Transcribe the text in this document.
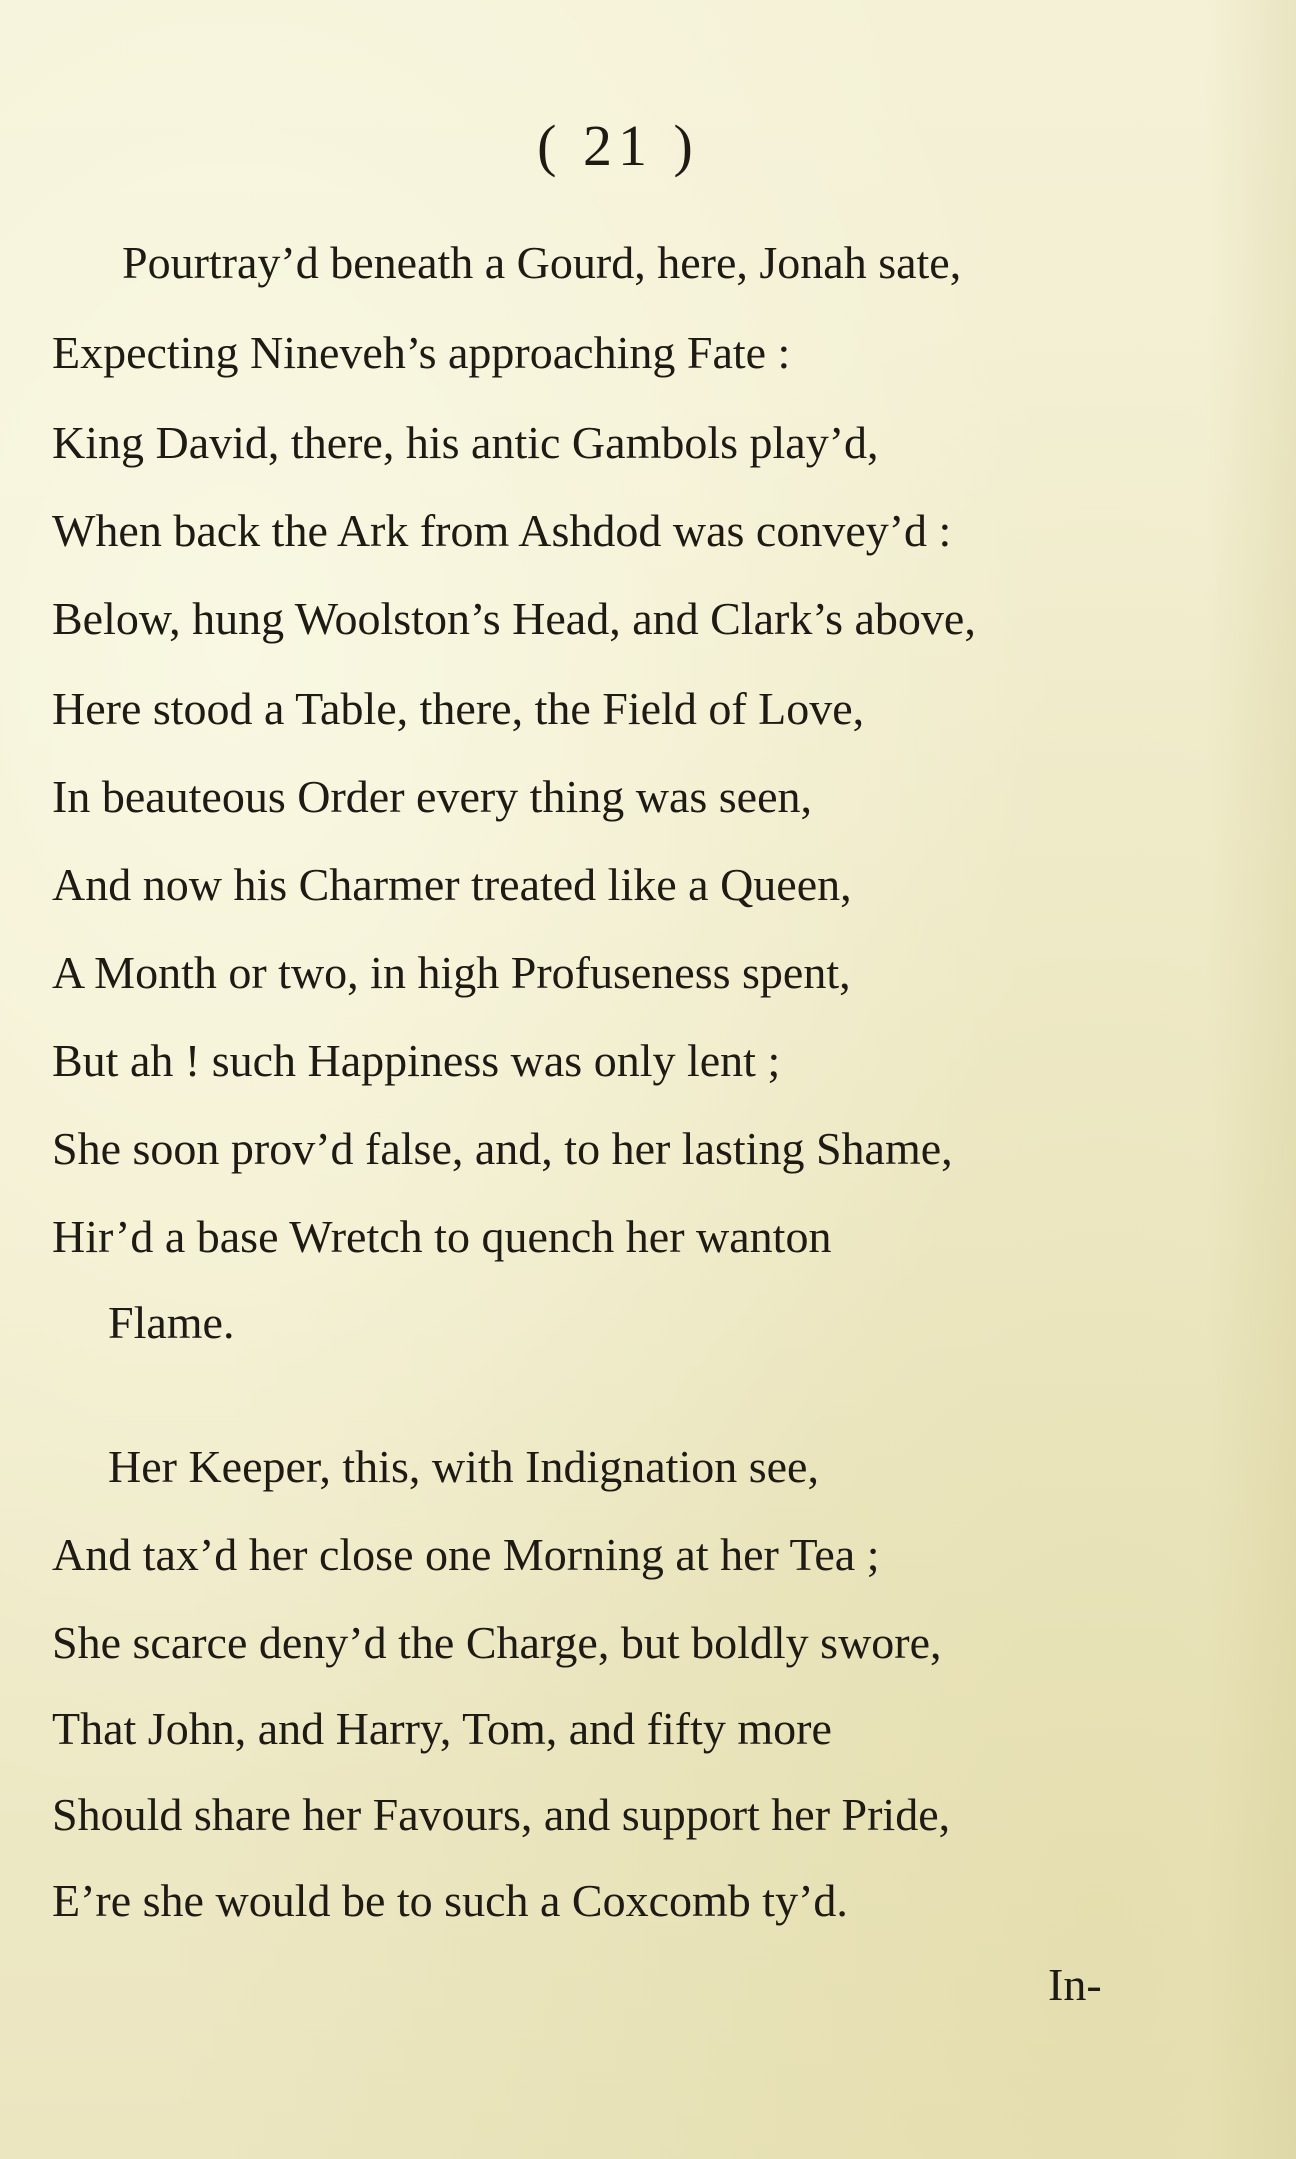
( 21 )
Pourtray’d beneath a Gourd, here, Jonah sate,
Expecting Nineveh’s approaching Fate :
King David, there, his antic Gambols play’d,
When back the Ark from Ashdod was convey’d :
Below, hung Woolston’s Head, and Clark’s above,
Here stood a Table, there, the Field of Love,
In beauteous Order every thing was seen,
And now his Charmer treated like a Queen,
A Month or two, in high Profuseness spent,
But ah ! such Happiness was only lent ;
She soon prov’d false, and, to her lasting Shame,
Hir’d a base Wretch to quench her wanton
Flame.
Her Keeper, this, with Indignation see,
And tax’d her close one Morning at her Tea ;
She scarce deny’d the Charge, but boldly swore,
That John, and Harry, Tom, and fifty more
Should share her Favours, and support her Pride,
E’re she would be to such a Coxcomb ty’d.
In-
